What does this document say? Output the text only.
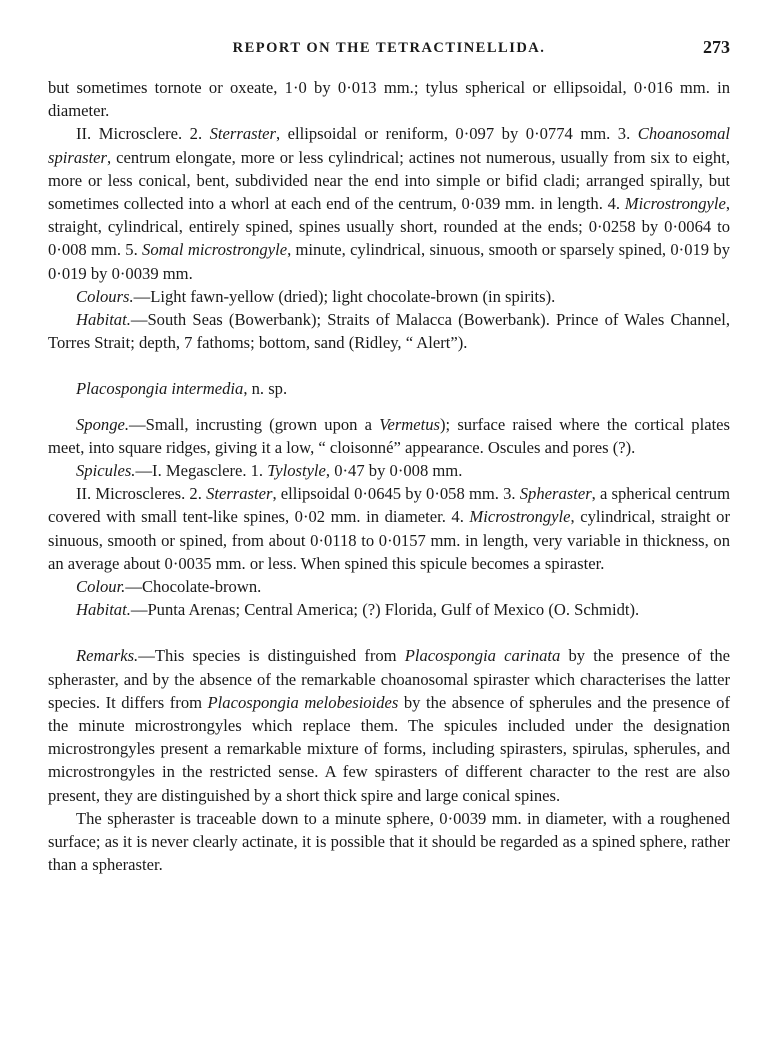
REPORT ON THE TETRACTINELLIDA.	273

but sometimes tornote or oxeate, 1·0 by 0·013 mm.; tylus spherical or ellipsoidal, 0·016 mm. in diameter.

II. Microsclere. 2. Sterraster, ellipsoidal or reniform, 0·097 by 0·0774 mm. 3. Choanosomal spiraster, centrum elongate, more or less cylindrical; actines not numerous, usually from six to eight, more or less conical, bent, subdivided near the end into simple or bifid cladi; arranged spirally, but sometimes collected into a whorl at each end of the centrum, 0·039 mm. in length. 4. Microstrongyle, straight, cylindrical, entirely spined, spines usually short, rounded at the ends; 0·0258 by 0·0064 to 0·008 mm. 5. Somal microstrongyle, minute, cylindrical, sinuous, smooth or sparsely spined, 0·019 by 0·019 by 0·0039 mm.

Colours.—Light fawn-yellow (dried); light chocolate-brown (in spirits).

Habitat.—South Seas (Bowerbank); Straits of Malacca (Bowerbank). Prince of Wales Channel, Torres Strait; depth, 7 fathoms; bottom, sand (Ridley, “ Alert”).

Placospongia intermedia, n. sp.

Sponge.—Small, incrusting (grown upon a Vermetus); surface raised where the cortical plates meet, into square ridges, giving it a low, “ cloisonné” appearance. Oscules and pores (?).

Spicules.—I. Megasclere. 1. Tylostyle, 0·47 by 0·008 mm.

II. Microscleres. 2. Sterraster, ellipsoidal 0·0645 by 0·058 mm. 3. Spheraster, a spherical centrum covered with small tent-like spines, 0·02 mm. in diameter. 4. Microstrongyle, cylindrical, straight or sinuous, smooth or spined, from about 0·0118 to 0·0157 mm. in length, very variable in thickness, on an average about 0·0035 mm. or less. When spined this spicule becomes a spiraster.

Colour.—Chocolate-brown.

Habitat.—Punta Arenas; Central America; (?) Florida, Gulf of Mexico (O. Schmidt).

Remarks.—This species is distinguished from Placospongia carinata by the presence of the spheraster, and by the absence of the remarkable choanosomal spiraster which characterises the latter species. It differs from Placospongia melobesioides by the absence of spherules and the presence of the minute microstrongyles which replace them. The spicules included under the designation microstrongyles present a remarkable mixture of forms, including spirasters, spirulas, spherules, and microstrongyles in the restricted sense. A few spirasters of different character to the rest are also present, they are distinguished by a short thick spire and large conical spines.

The spheraster is traceable down to a minute sphere, 0·0039 mm. in diameter, with a roughened surface; as it is never clearly actinate, it is possible that it should be regarded as a spined sphere, rather than a spheraster.
